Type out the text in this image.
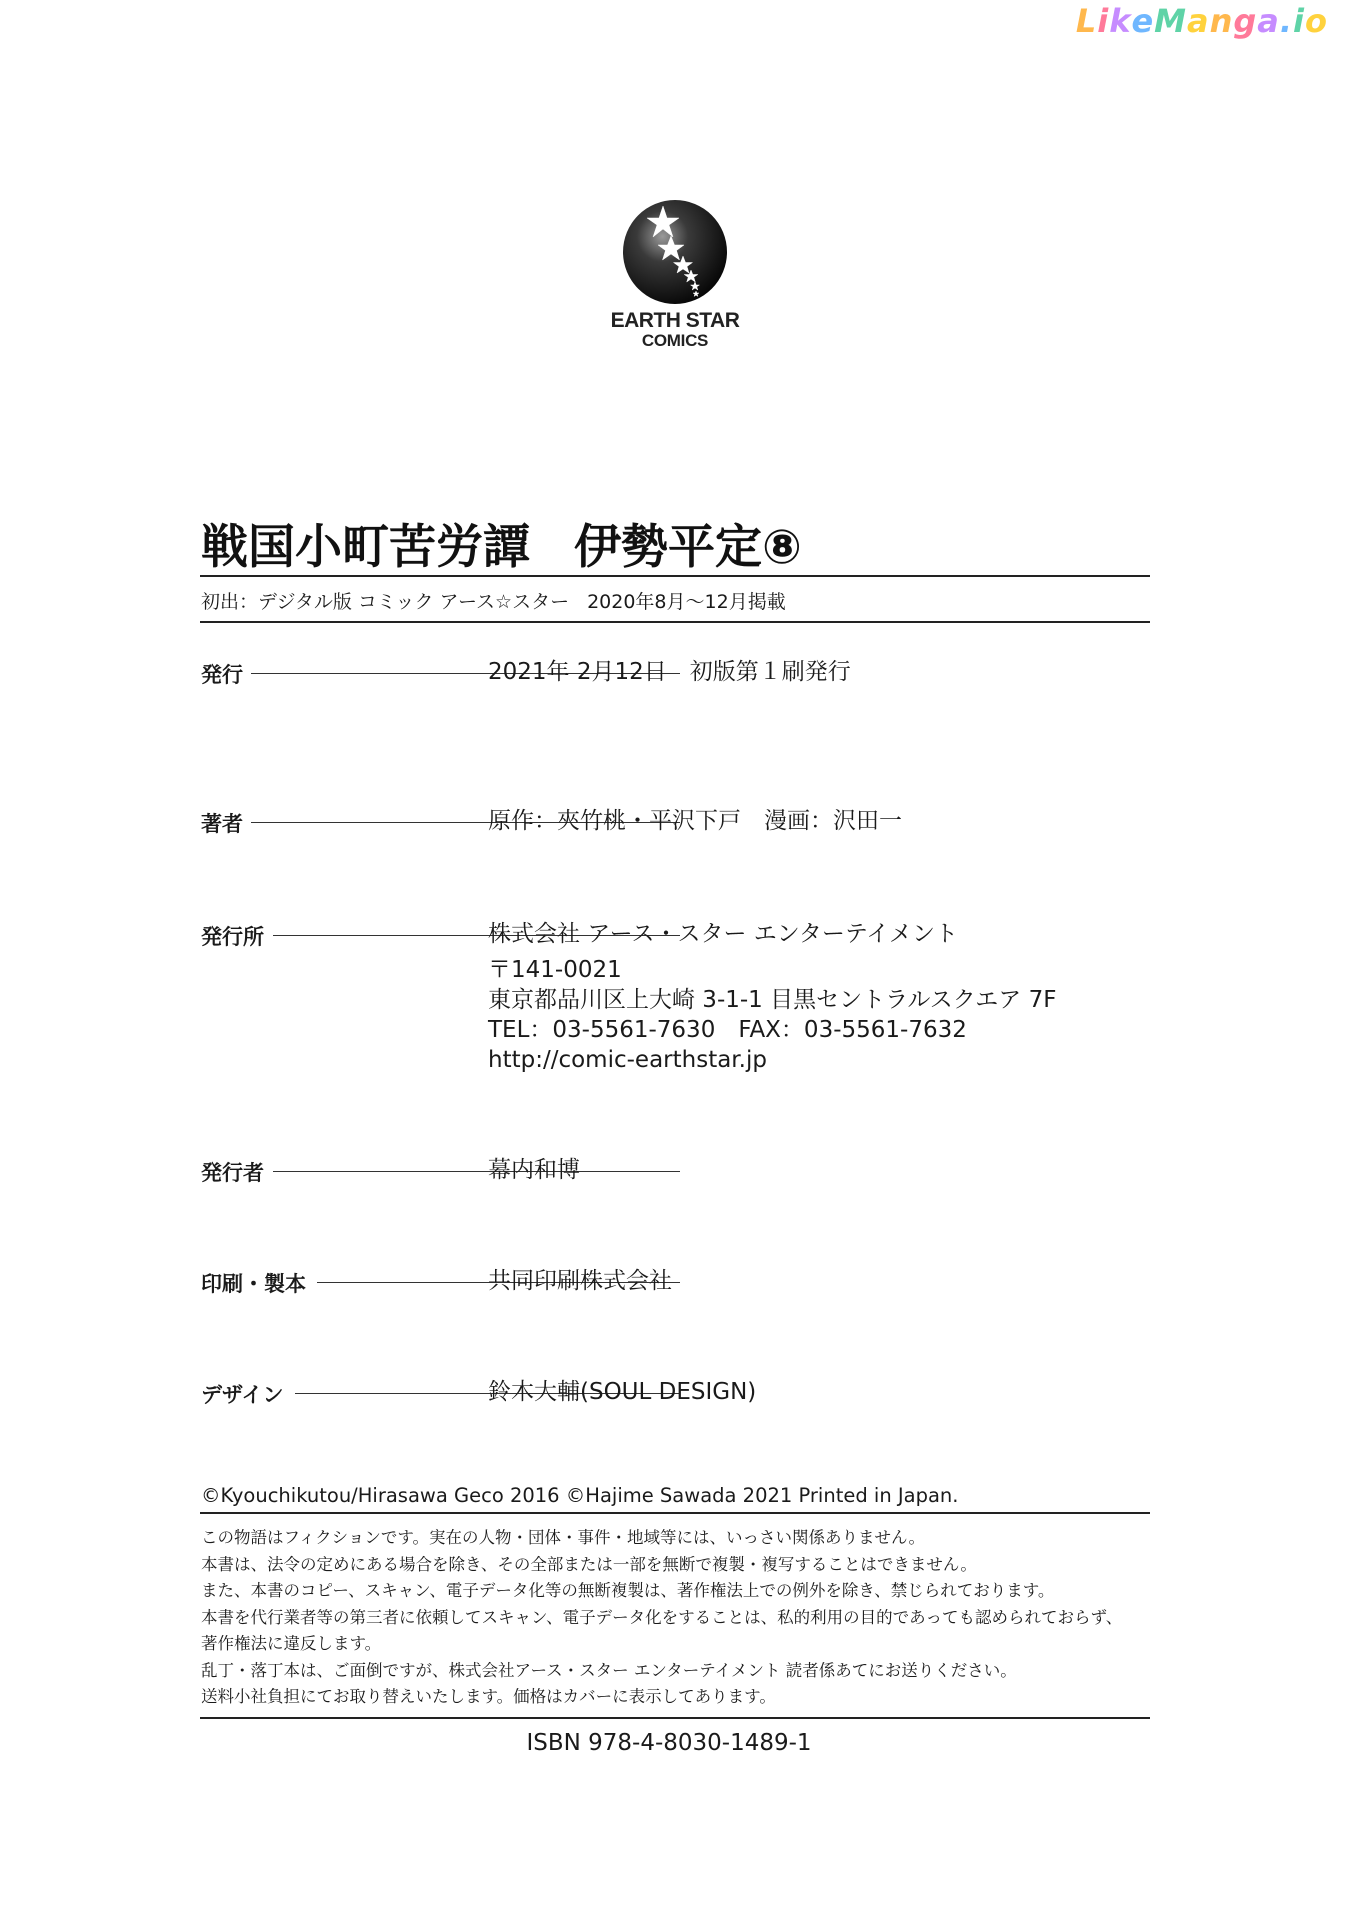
LikeManga.io
EARTH STAR
COMICS
戦国小町苦労譚 伊勢平定⑧
初出：デジタル版 コミック アース☆スター 2020年8月〜12月掲載
発行	2021年 2月12日　初版第１刷発行
著者	原作：夾竹桃・平沢下戸　漫画：沢田一
発行所	株式会社 アース・スター エンターテイメント
〒141-0021
東京都品川区上大崎 3-1-1 目黒セントラルスクエア 7F
TEL：03-5561-7630　FAX：03-5561-7632
http://comic-earthstar.jp
発行者	幕内和博
印刷・製本	共同印刷株式会社
デザイン	鈴木大輔(SOUL DESIGN)
©Kyouchikutou/Hirasawa Geco 2016 ©Hajime Sawada 2021 Printed in Japan.
この物語はフィクションです。実在の人物・団体・事件・地域等には、いっさい関係ありません。
本書は、法令の定めにある場合を除き、その全部または一部を無断で複製・複写することはできません。
また、本書のコピー、スキャン、電子データ化等の無断複製は、著作権法上での例外を除き、禁じられております。
本書を代行業者等の第三者に依頼してスキャン、電子データ化をすることは、私的利用の目的であっても認められておらず、
著作権法に違反します。
乱丁・落丁本は、ご面倒ですが、株式会社アース・スター エンターテイメント 読者係あてにお送りください。
送料小社負担にてお取り替えいたします。価格はカバーに表示してあります。
ISBN 978-4-8030-1489-1
